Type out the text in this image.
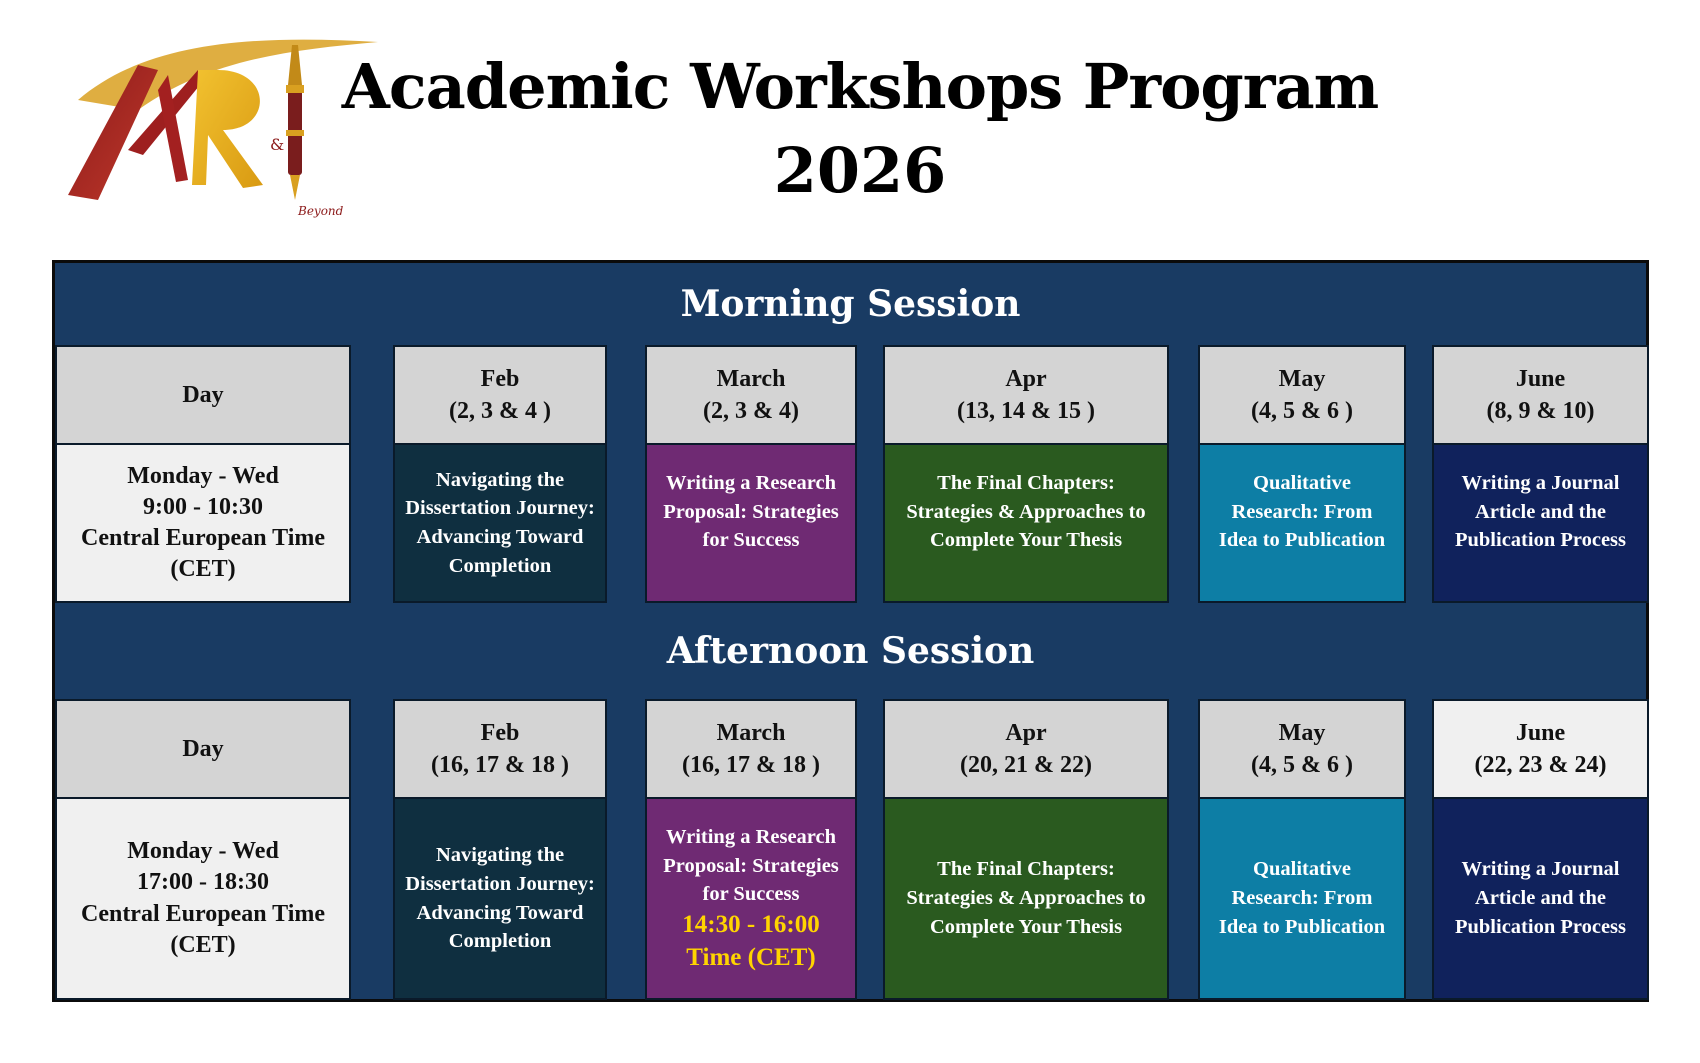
&
Beyond
Academic Workshops Program
2026
Morning Session
Day
Monday - Wed
9:00 - 10:30
Central European Time
(CET)
Feb
(2, 3 & 4 )
Navigating the
Dissertation Journey:
Advancing Toward
Completion
March
(2, 3 & 4)
Writing a Research
Proposal: Strategies
for Success
Apr
(13, 14 & 15 )
The Final Chapters:
Strategies & Approaches to
Complete Your Thesis
May
(4, 5 & 6 )
Qualitative
Research: From
Idea to Publication
June
(8, 9 & 10)
Writing a Journal
Article and the
Publication Process
Afternoon Session
Day
Monday - Wed
17:00 - 18:30
Central European Time
(CET)
Feb
(16, 17 & 18 )
Navigating the
Dissertation Journey:
Advancing Toward
Completion
March
(16, 17 & 18 )
Writing a Research
Proposal: Strategies
for Success
14:30 - 16:00
Time (CET)
Apr
(20, 21 & 22)
The Final Chapters:
Strategies & Approaches to
Complete Your Thesis
May
(4, 5 & 6 )
Qualitative
Research: From
Idea to Publication
June
(22, 23 & 24)
Writing a Journal
Article and the
Publication Process
